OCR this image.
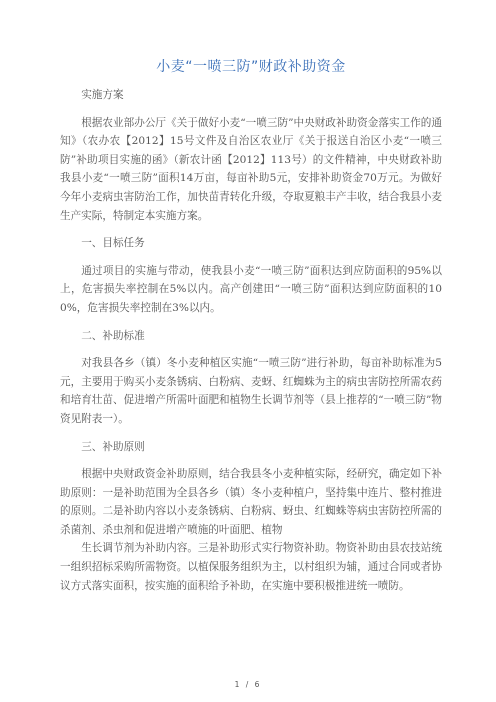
小麦“一喷三防”财政补助资金
实施方案
根据农业部办公厅《关于做好小麦“一喷三防”中央财政补助资金落实工作的通知》（农办农【2012】15号文件及自治区农业厅《关于报送自治区小麦“一喷三防”补助项目实施的函》（新农计函【2012】113号）的文件精神，中央财政补助我县小麦“一喷三防”面积14万亩，每亩补助5元，安排补助资金70万元。为做好今年小麦病虫害防治工作，加快苗青转化升级，夺取夏粮丰产丰收，结合我县小麦生产实际，特制定本实施方案。
一、目标任务
通过项目的实施与带动，使我县小麦“一喷三防”面积达到应防面积的95%以上，危害损失率控制在5%以内。高产创建田“一喷三防”面积达到应防面积的100%，危害损失率控制在3%以内。
二、补助标准
对我县各乡（镇）冬小麦种植区实施“一喷三防”进行补助，每亩补助标准为5元，主要用于购买小麦条锈病、白粉病、麦蚜、红蜘蛛为主的病虫害防控所需农药和培育壮苗、促进增产所需叶面肥和植物生长调节剂等（县上推荐的“一喷三防”物资见附表一）。
三、补助原则
根据中央财政资金补助原则，结合我县冬小麦种植实际，经研究，确定如下补助原则：一是补助范围为全县各乡（镇）冬小麦种植户，坚持集中连片、整村推进的原则。二是补助内容以小麦条锈病、白粉病、蚜虫、红蜘蛛等病虫害防控所需的杀菌剂、杀虫剂和促进增产喷施的叶面肥、植物
生长调节剂为补助内容。三是补助形式实行物资补助。物资补助由县农技站统一组织招标采购所需物资。以植保服务组织为主，以村组织为辅，通过合同或者协议方式落实面积，按实施的面积给予补助，在实施中要积极推进统一喷防。
1 / 6
